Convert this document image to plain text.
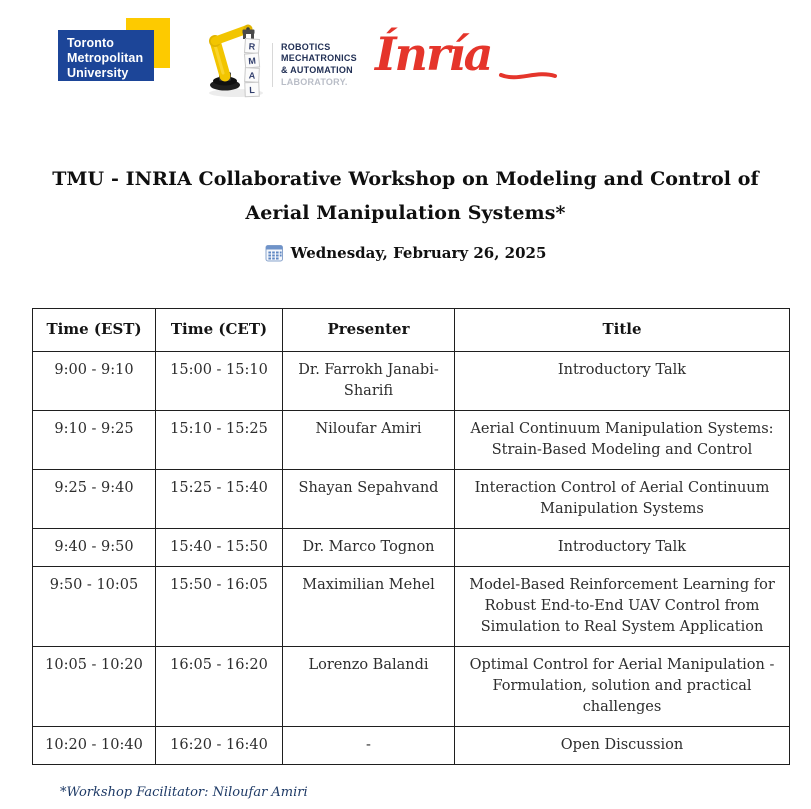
Toronto
Metropolitan
University
R
M
A
L
ROBOTICS
MECHATRONICS
& AUTOMATION
LABORATORY.
Ínría
TMU - INRIA Collaborative Workshop on Modeling and Control of Aerial Manipulation Systems*
Wednesday, February 26, 2025
Time (EST)	Time (CET)	Presenter	Title
9:00 - 9:10	15:00 - 15:10	Dr. Farrokh Janabi-Sharifi	Introductory Talk
9:10 - 9:25	15:10 - 15:25	Niloufar Amiri	Aerial Continuum Manipulation Systems: Strain-Based Modeling and Control
9:25 - 9:40	15:25 - 15:40	Shayan Sepahvand	Interaction Control of Aerial Continuum Manipulation Systems
9:40 - 9:50	15:40 - 15:50	Dr. Marco Tognon	Introductory Talk
9:50 - 10:05	15:50 - 16:05	Maximilian Mehel	Model-Based Reinforcement Learning for Robust End-to-End UAV Control from Simulation to Real System Application
10:05 - 10:20	16:05 - 16:20	Lorenzo Balandi	Optimal Control for Aerial Manipulation - Formulation, solution and practical challenges
10:20 - 10:40	16:20 - 16:40	-	Open Discussion
*Workshop Facilitator: Niloufar Amiri
